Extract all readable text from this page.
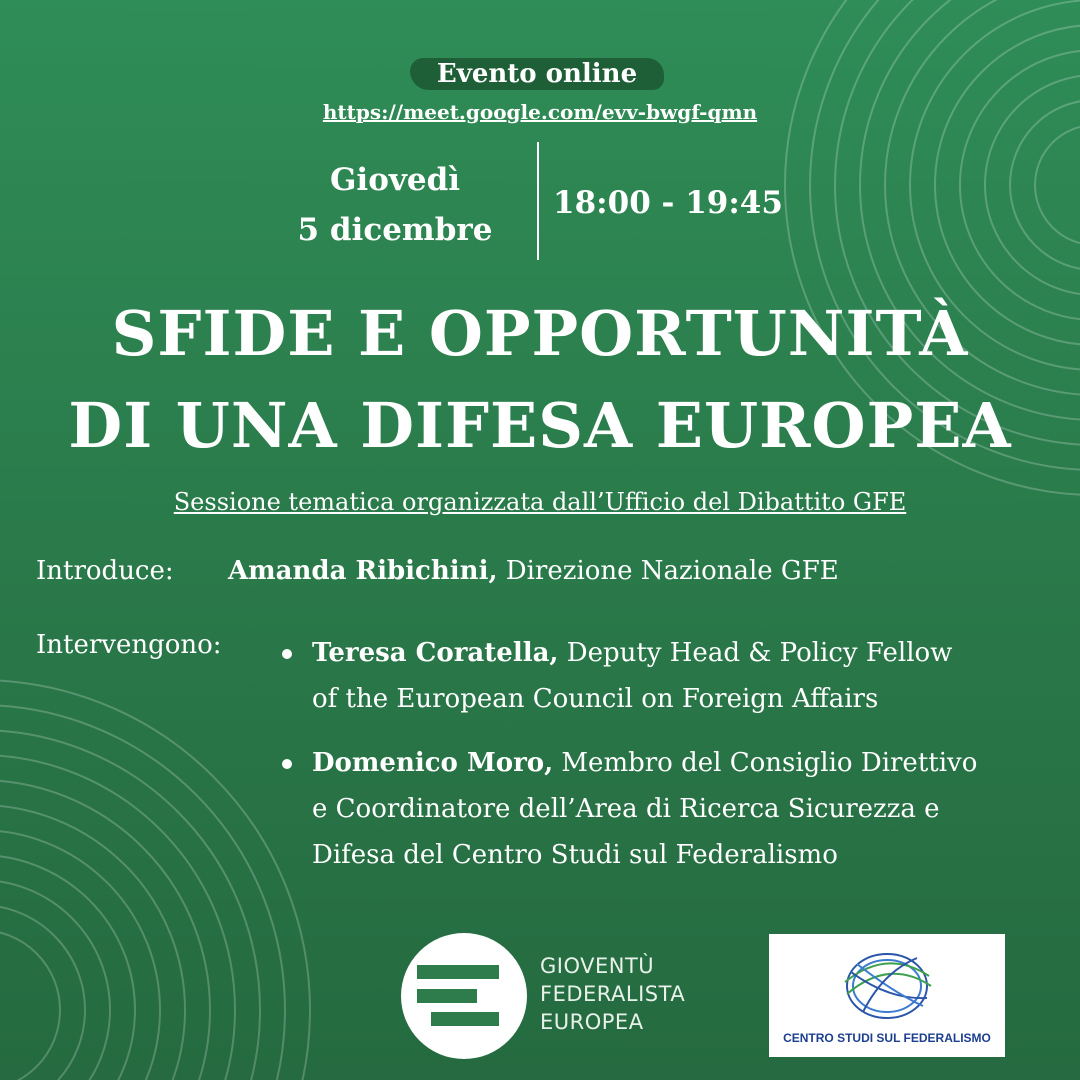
Evento online
https://meet.google.com/evv-bwgf-qmn
Giovedì
5 dicembre
18:00 - 19:45
SFIDE E OPPORTUNITÀ
DI UNA DIFESA EUROPEA
Sessione tematica organizzata dall’Ufficio del Dibattito GFE
Introduce: Amanda Ribichini, Direzione Nazionale GFE
Intervengono:	Teresa Coratella, Deputy Head & Policy Fellow
of the European Council on Foreign Affairs
Domenico Moro, Membro del Consiglio Direttivo
e Coordinatore dell’Area di Ricerca Sicurezza e
Difesa del Centro Studi sul Federalismo
GIOVENTÙ
FEDERALISTA
EUROPEA
CENTRO STUDI SUL FEDERALISMO
